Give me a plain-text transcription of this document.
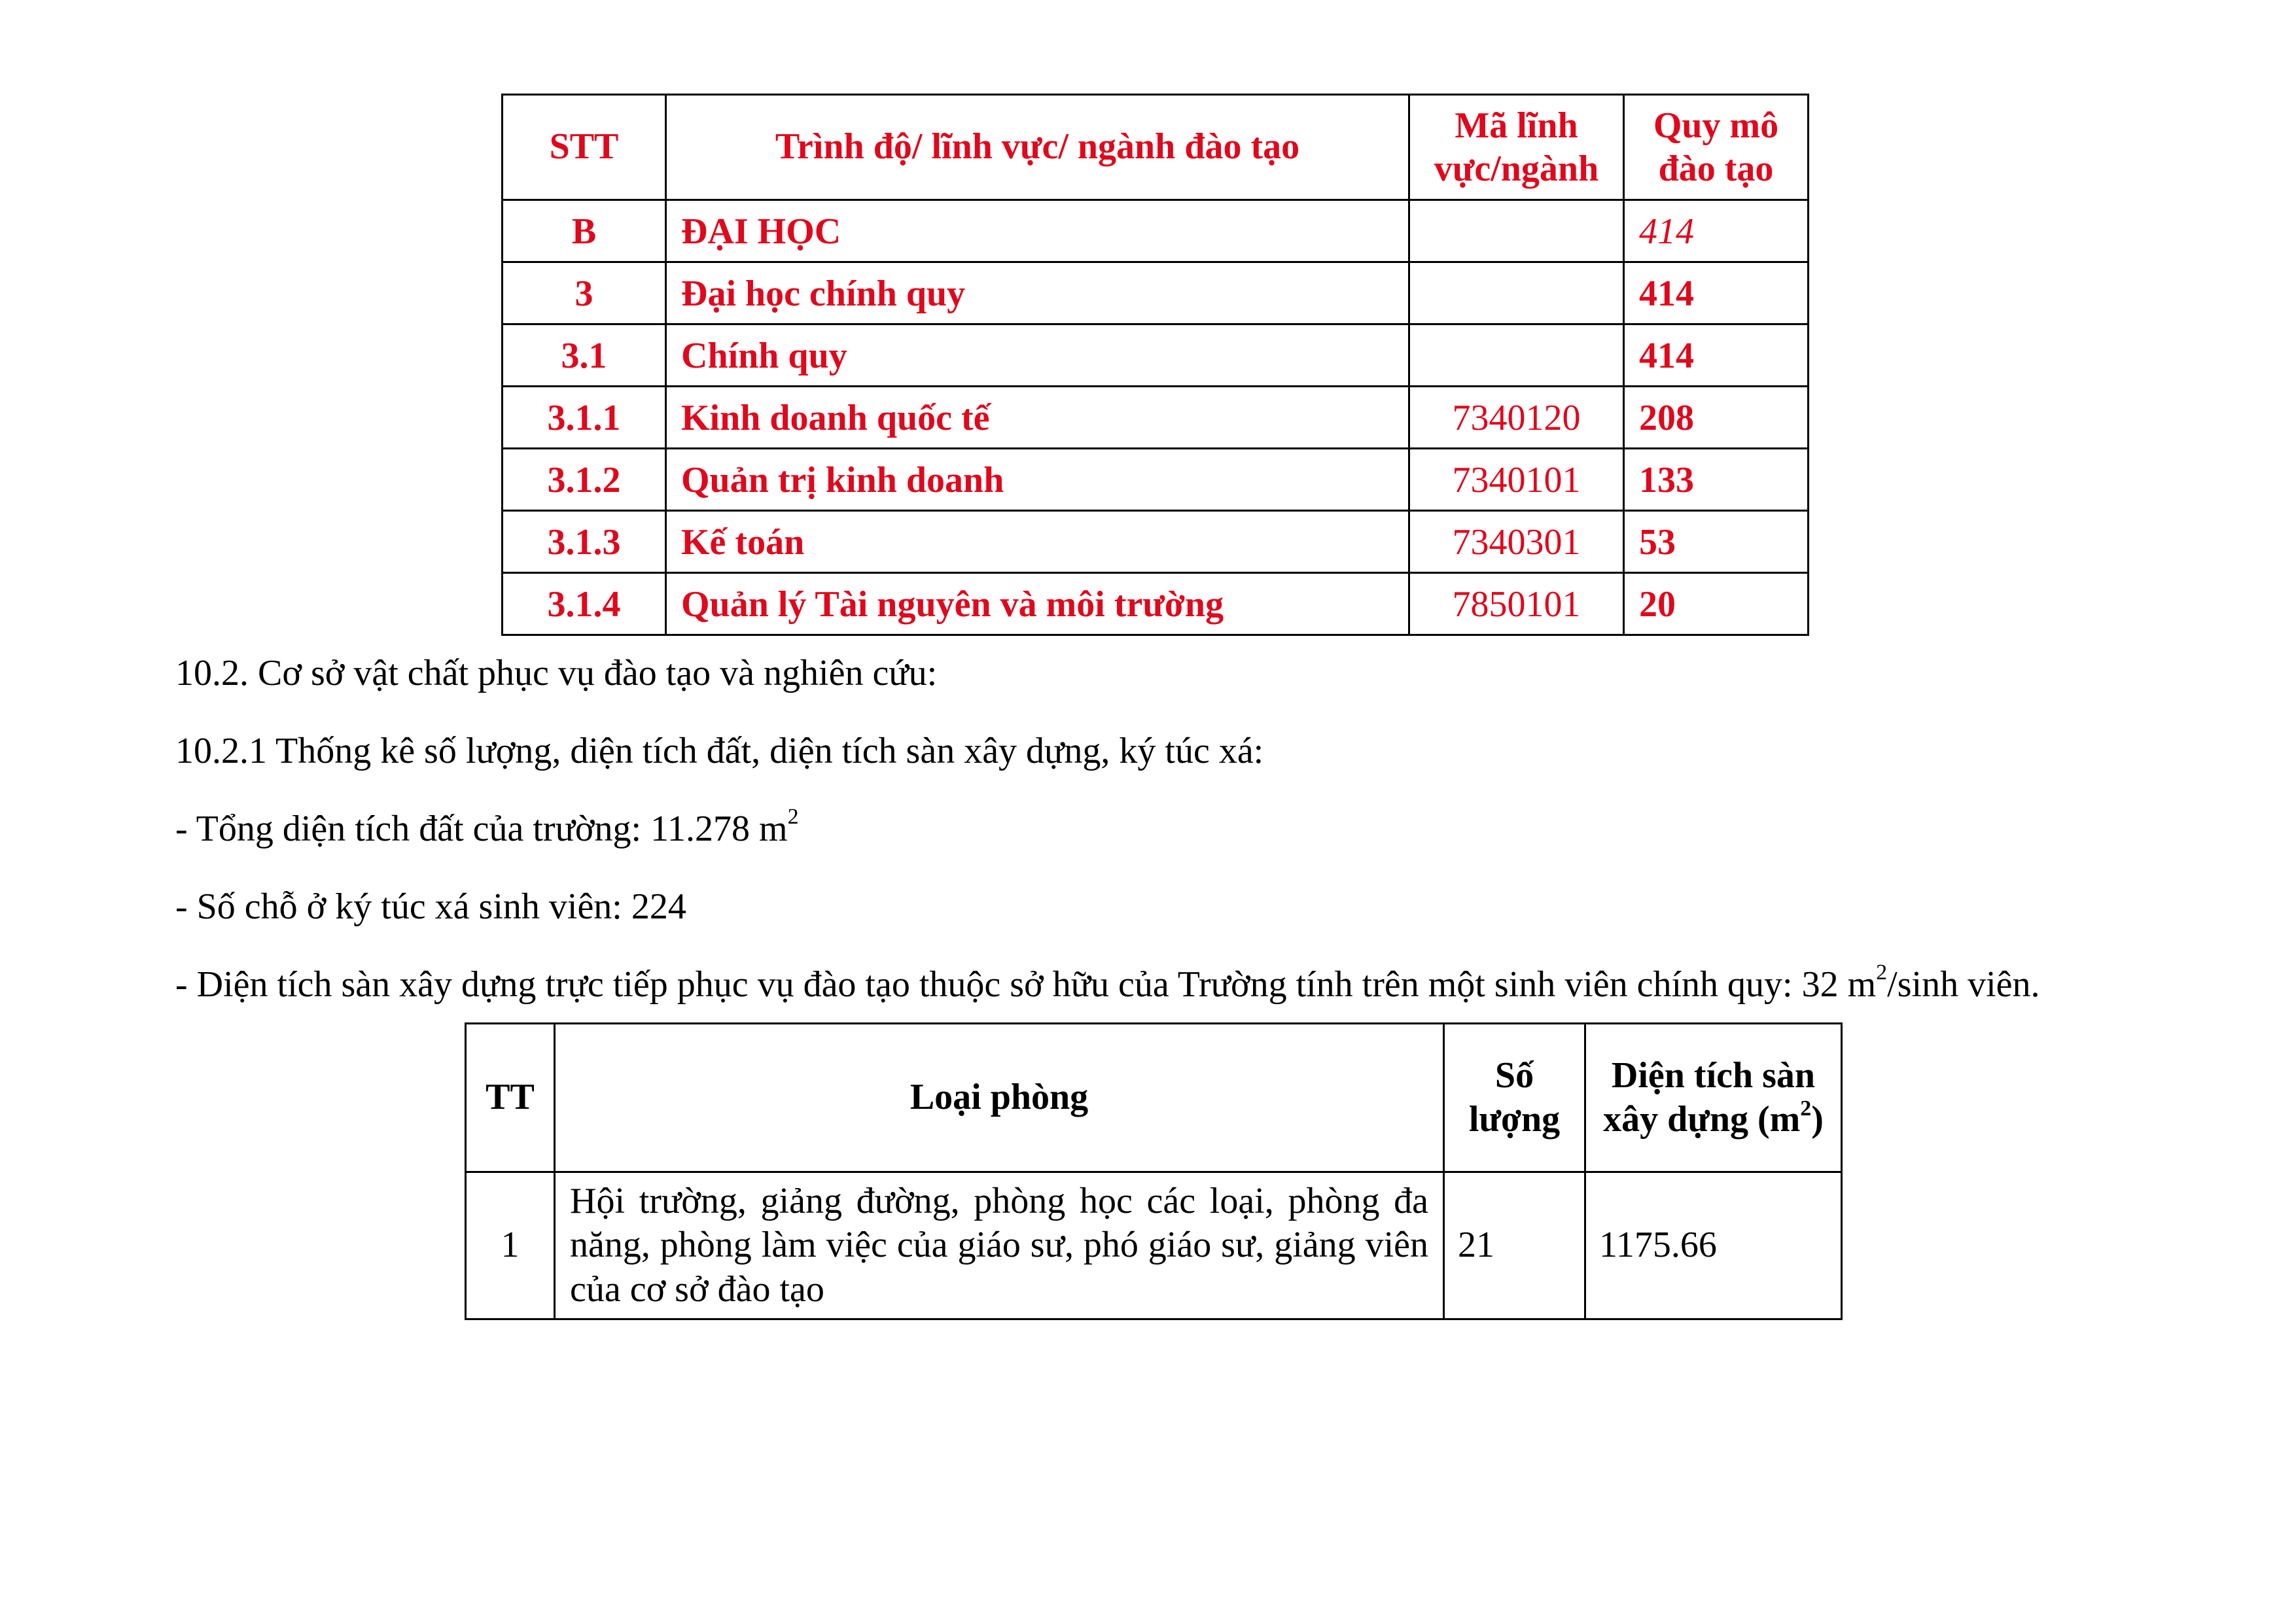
STT	Trình độ/ lĩnh vực/ ngành đào tạo	Mã lĩnh vực/ngành	Quy mô đào tạo
B	ĐẠI HỌC		414
3	Đại học chính quy		414
3.1	Chính quy		414
3.1.1	Kinh doanh quốc tế	7340120	208
3.1.2	Quản trị kinh doanh	7340101	133
3.1.3	Kế toán	7340301	53
3.1.4	Quản lý Tài nguyên và môi trường	7850101	20

10.2. Cơ sở vật chất phục vụ đào tạo và nghiên cứu:

10.2.1 Thống kê số lượng, diện tích đất, diện tích sàn xây dựng, ký túc xá:

- Tổng diện tích đất của trường: 11.278 $m^2$

- Số chỗ ở ký túc xá sinh viên: 224

- Diện tích sàn xây dựng trực tiếp phục vụ đào tạo thuộc sở hữu của Trường tính trên một sinh viên chính quy: 32 $m^2/\sinh$ viên.

TT	Loại phòng	Số lượng	Diện tích sàn xây dựng $(m^2)$
1	Hội trường, giảng đường, phòng học các loại, phòng đa năng, phòng làm việc của giáo sư, phó giáo sư, giảng viên của cơ sở đào tạo	21	1175.66
